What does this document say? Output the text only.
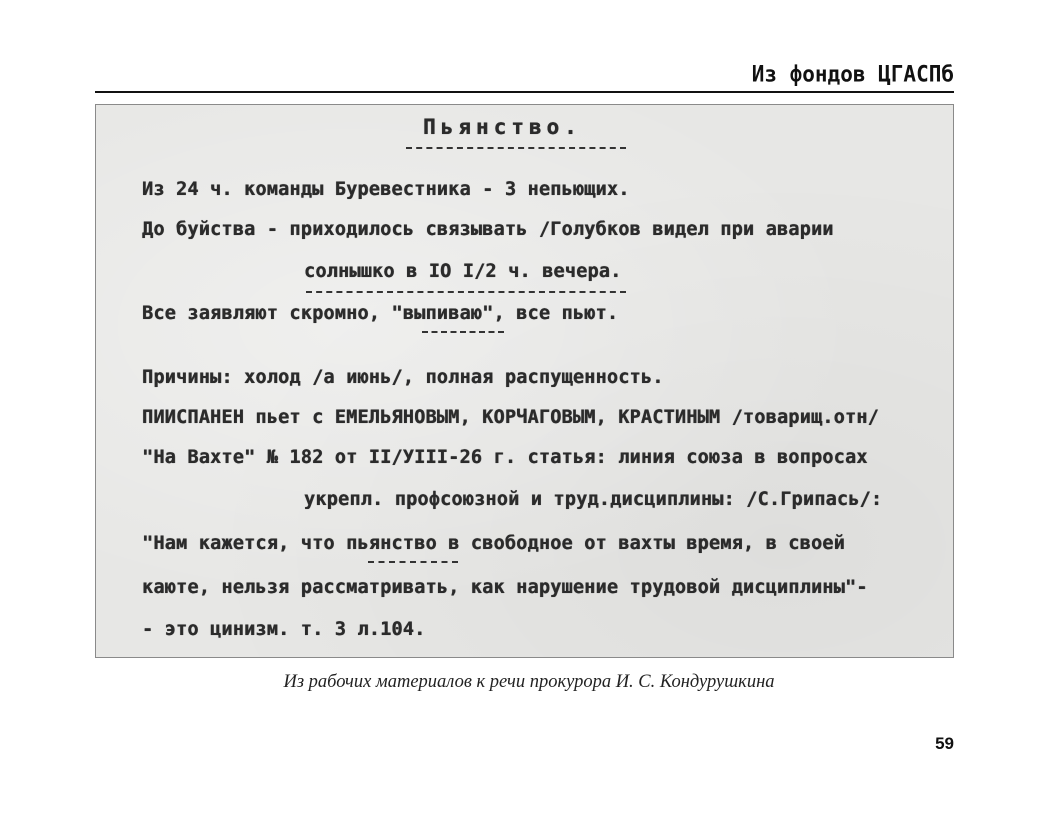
Из фондов ЦГАСПб
Пьянство.
Из 24 ч. команды Буревестника - 3 непьющих.
До буйства - приходилось связывать /Голубков видел при аварии
солнышко в IO I/2 ч. вечера.
Все заявляют скромно, "выпиваю", все пьют.
Причины: холод /а июнь/, полная распущенность.
ПИИСПАНЕН пьет с ЕМЕЛЬЯНОВЫМ, КОРЧАГОВЫМ, КРАСТИНЫМ /товарищ.отн/
"На Вахте" № 182 от II/УIII-26 г. статья: линия союза в вопросах
укрепл. профсоюзной и труд.дисциплины: /С.Грипась/:
"Нам кажется, что пьянство в свободное от вахты время, в своей
каюте, нельзя рассматривать, как нарушение трудовой дисциплины"-
- это цинизм. т. 3 л.104.
Из рабочих материалов к речи прокурора И. С. Кондурушкина
59
